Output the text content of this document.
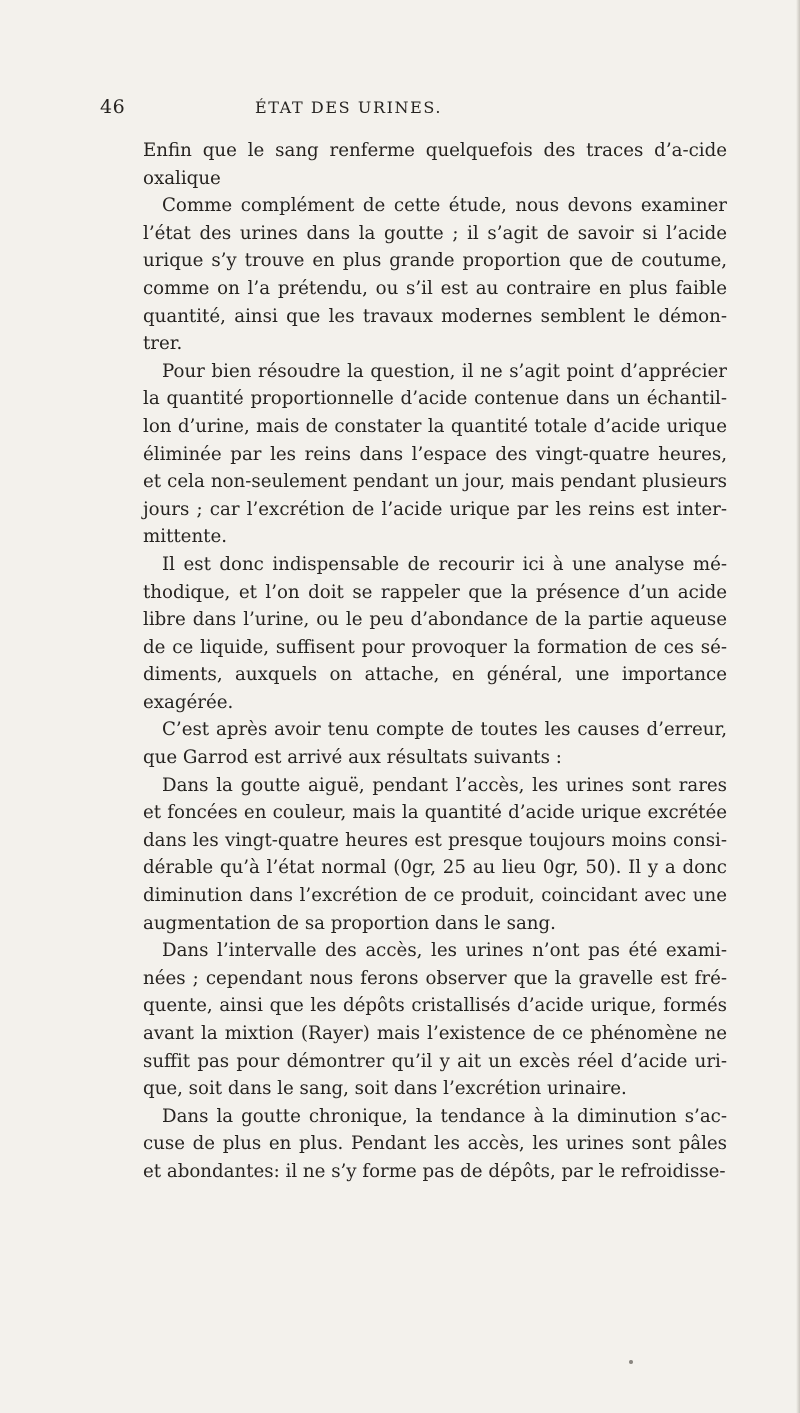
46	ÉTAT DES URINES.

Enfin que le sang renferme quelquefois des traces d’a-cide oxalique

Comme complément de cette étude, nous devons examiner l’état des urines dans la goutte ; il s’agit de savoir si l’acide urique s’y trouve en plus grande proportion que de coutume, comme on l’a prétendu, ou s’il est au contraire en plus faible quantité, ainsi que les travaux modernes semblent le démon-trer.

Pour bien résoudre la question, il ne s’agit point d’apprécier la quantité proportionnelle d’acide contenue dans un échantil-lon d’urine, mais de constater la quantité totale d’acide urique éliminée par les reins dans l’espace des vingt-quatre heures, et cela non-seulement pendant un jour, mais pendant plusieurs jours ; car l’excrétion de l’acide urique par les reins est inter-mittente.

Il est donc indispensable de recourir ici à une analyse mé-thodique, et l’on doit se rappeler que la présence d’un acide libre dans l’urine, ou le peu d’abondance de la partie aqueuse de ce liquide, suffisent pour provoquer la formation de ces sé-diments, auxquels on attache, en général, une importance exagérée.

C’est après avoir tenu compte de toutes les causes d’erreur, que Garrod est arrivé aux résultats suivants :

Dans la goutte aiguë, pendant l’accès, les urines sont rares et foncées en couleur, mais la quantité d’acide urique excrétée dans les vingt-quatre heures est presque toujours moins consi-dérable qu’à l’état normal (0gr, 25 au lieu 0gr, 50). Il y a donc diminution dans l’excrétion de ce produit, coincidant avec une augmentation de sa proportion dans le sang.

Dans l’intervalle des accès, les urines n’ont pas été exami-nées ; cependant nous ferons observer que la gravelle est fré-quente, ainsi que les dépôts cristallisés d’acide urique, formés avant la mixtion (Rayer) mais l’existence de ce phénomène ne suffit pas pour démontrer qu’il y ait un excès réel d’acide uri-que, soit dans le sang, soit dans l’excrétion urinaire.

Dans la goutte chronique, la tendance à la diminution s’ac-cuse de plus en plus. Pendant les accès, les urines sont pâles et abondantes: il ne s’y forme pas de dépôts, par le refroidisse-
